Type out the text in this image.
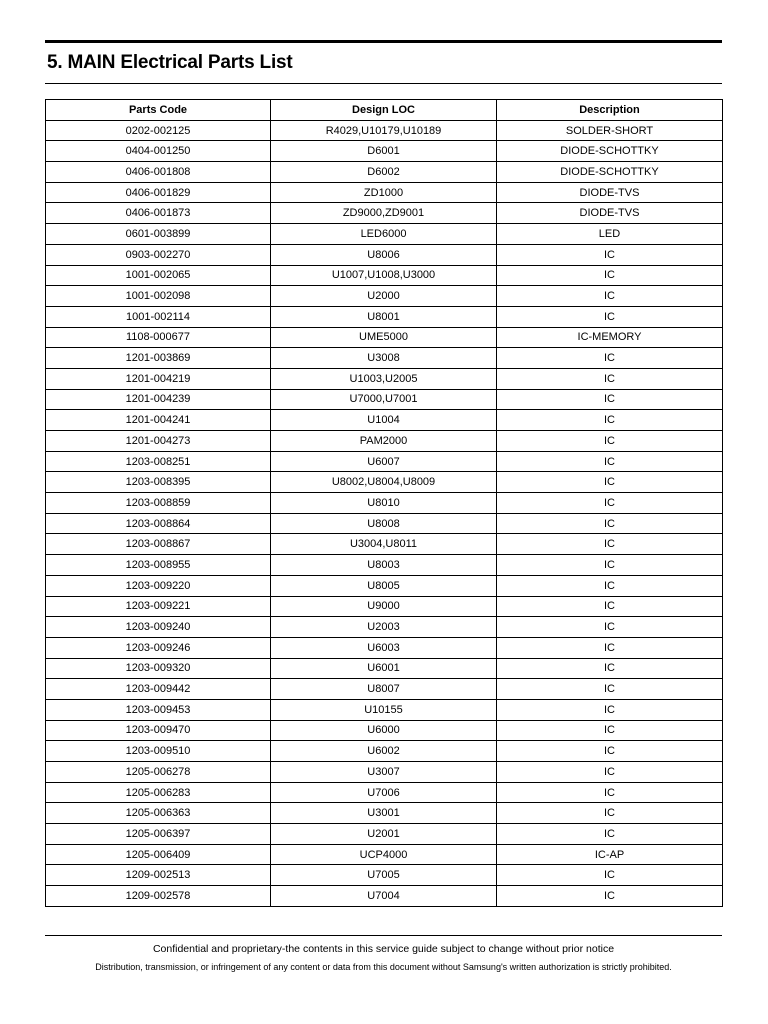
5. MAIN Electrical Parts List
Parts Code	Design LOC	Description
0202-002125	R4029,U10179,U10189	SOLDER-SHORT
0404-001250	D6001	DIODE-SCHOTTKY
0406-001808	D6002	DIODE-SCHOTTKY
0406-001829	ZD1000	DIODE-TVS
0406-001873	ZD9000,ZD9001	DIODE-TVS
0601-003899	LED6000	LED
0903-002270	U8006	IC
1001-002065	U1007,U1008,U3000	IC
1001-002098	U2000	IC
1001-002114	U8001	IC
1108-000677	UME5000	IC-MEMORY
1201-003869	U3008	IC
1201-004219	U1003,U2005	IC
1201-004239	U7000,U7001	IC
1201-004241	U1004	IC
1201-004273	PAM2000	IC
1203-008251	U6007	IC
1203-008395	U8002,U8004,U8009	IC
1203-008859	U8010	IC
1203-008864	U8008	IC
1203-008867	U3004,U8011	IC
1203-008955	U8003	IC
1203-009220	U8005	IC
1203-009221	U9000	IC
1203-009240	U2003	IC
1203-009246	U6003	IC
1203-009320	U6001	IC
1203-009442	U8007	IC
1203-009453	U10155	IC
1203-009470	U6000	IC
1203-009510	U6002	IC
1205-006278	U3007	IC
1205-006283	U7006	IC
1205-006363	U3001	IC
1205-006397	U2001	IC
1205-006409	UCP4000	IC-AP
1209-002513	U7005	IC
1209-002578	U7004	IC
Confidential and proprietary-the contents in this service guide subject to change without prior notice
Distribution, transmission, or infringement of any content or data from this document without Samsung's written authorization is strictly prohibited.
